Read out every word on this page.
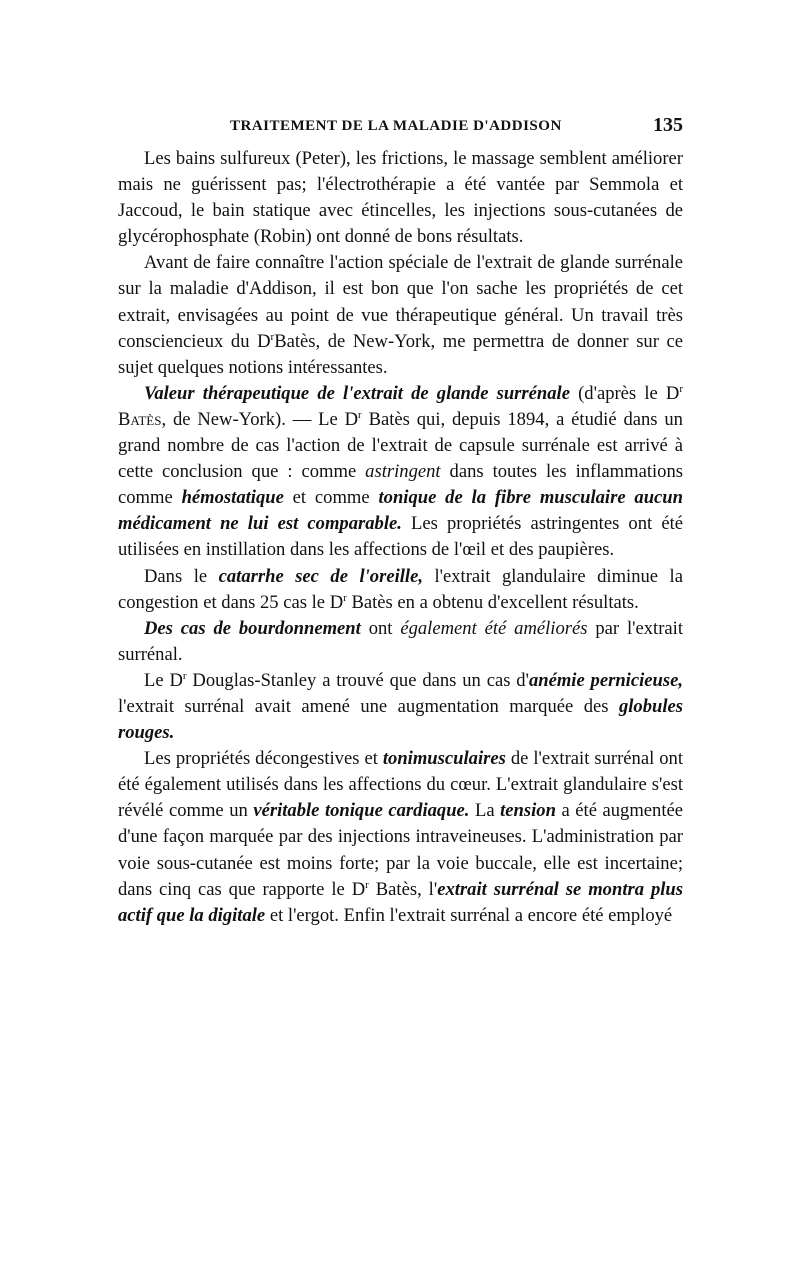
TRAITEMENT DE LA MALADIE D'ADDISON	135

Les bains sulfureux (Peter), les frictions, le massage semblent améliorer mais ne guérissent pas; l'électrothérapie a été vantée par Semmola et Jaccoud, le bain statique avec étincelles, les injections sous-cutanées de glycérophosphate (Robin) ont donné de bons résultats.

Avant de faire connaître l'action spéciale de l'extrait de glande surrénale sur la maladie d'Addison, il est bon que l'on sache les propriétés de cet extrait, envisagées au point de vue thérapeutique général. Un travail très consciencieux du $D^rBatès$, de New-York, me permettra de donner sur ce sujet quelques notions intéressantes.

Valeur thérapeutique de l'extrait de glande surrénale (d'après le $D^r$ Batès, de New-York). — Le $D^r$ Batès qui, depuis 1894, a étudié dans un grand nombre de cas l'action de l'extrait de capsule surrénale est arrivé à cette conclusion que : comme astringent dans toutes les inflammations comme hémostatique et comme tonique de la fibre musculaire aucun médicament ne lui est comparable. Les propriétés astringentes ont été utilisées en instillation dans les affections de l'œil et des paupières.

Dans le catarrhe sec de l'oreille, l'extrait glandulaire diminue la congestion et dans 25 cas le $D^r$ Batès en a obtenu d'excellent résultats.

Des cas de bourdonnement ont également été améliorés par l'extrait surrénal.

Le $D^r$ Douglas-Stanley a trouvé que dans un cas d'anémie pernicieuse, l'extrait surrénal avait amené une augmentation marquée des globules rouges.

Les propriétés décongestives et tonimusculaires de l'extrait surrénal ont été également utilisés dans les affections du cœur. L'extrait glandulaire s'est révélé comme un véritable tonique cardiaque. La tension a été augmentée d'une façon marquée par des injections intraveineuses. L'administration par voie sous-cutanée est moins forte; par la voie buccale, elle est incertaine; dans cinq cas que rapporte le $D^r$ Batès, l'extrait surrénal se montra plus actif que la digitale et l'ergot. Enfin l'extrait surrénal a encore été employé
